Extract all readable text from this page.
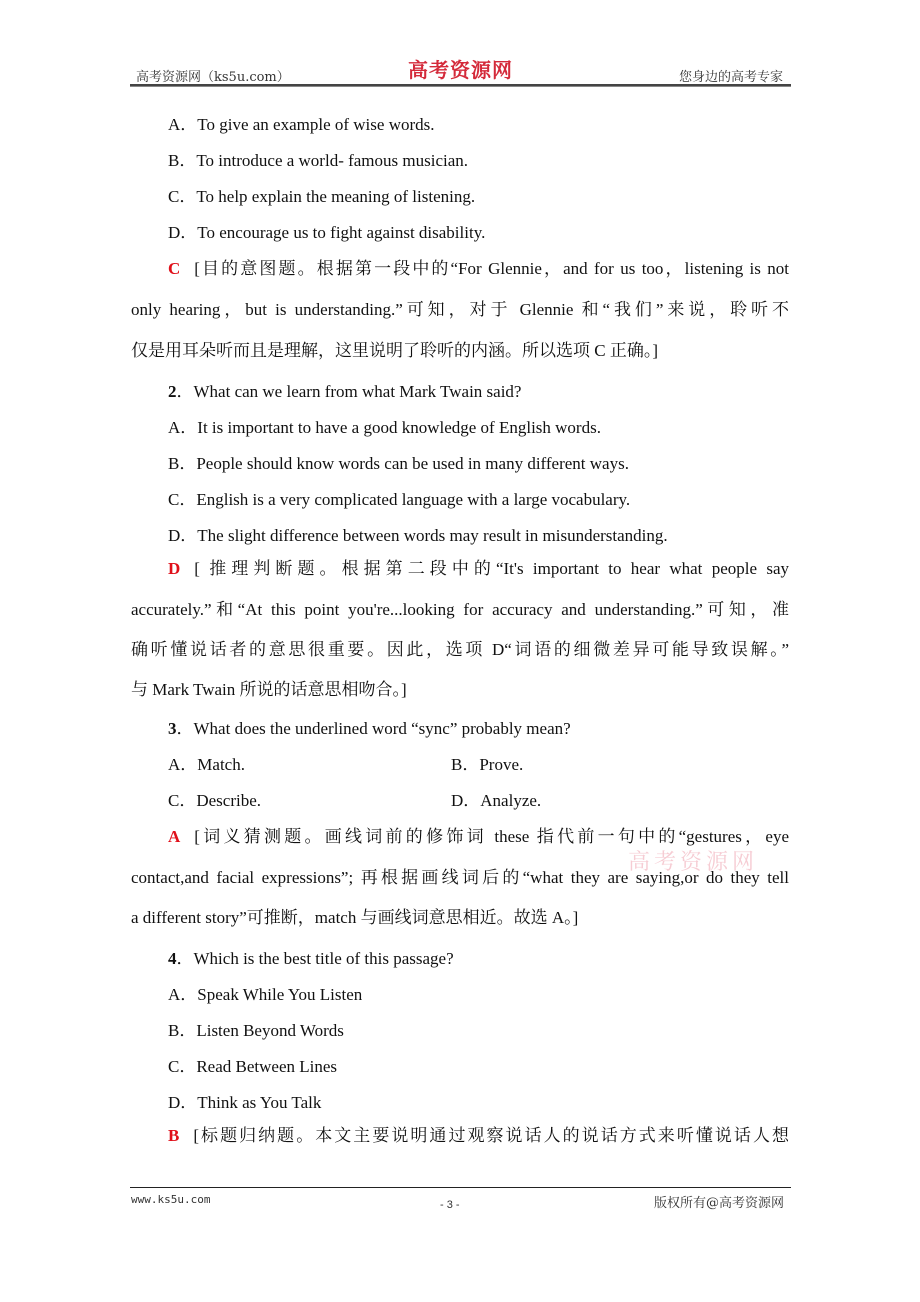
高考资源网（ks5u.com）	高考资源网	您身边的高考专家
A．To give an example of wise words.
B．To introduce a world- famous musician.
C．To help explain the meaning of listening.
D．To encourage us to fight against disability.
C [目的意图题。根据第一段中的“For Glennie，and for us too，listening is not
only hearing，but is understanding.”可知，对于 Glennie 和“我们”来说，聆听不
仅是用耳朵听而且是理解，这里说明了聆听的内涵。所以选项 C 正确。]
2．What can we learn from what Mark Twain said?
A．It is important to have a good knowledge of English words.
B．People should know words can be used in many different ways.
C．English is a very complicated language with a large vocabulary.
D．The slight difference between words may result in misunderstanding.
D [ 推理判断题。根据第二段中的“It's important to hear what people say
accurately.”和“At this point you're...looking for accuracy and understanding.”可知，准
确听懂说话者的意思很重要。因此，选项 D“词语的细微差异可能导致误解。”
与 Mark Twain 所说的话意思相吻合。]
3．What does the underlined word “sync” probably mean?
A．Match.	B．Prove.
C．Describe.	D．Analyze.
A [词义猜测题。画线词前的修饰词 these 指代前一句中的“gestures，eye
contact,and facial expressions”; 再根据画线词后的“what they are saying,or do they tell
a different story”可推断，match 与画线词意思相近。故选 A。]
高考资源网
4．Which is the best title of this passage?
A．Speak While You Listen
B．Listen Beyond Words
C．Read Between Lines
D．Think as You Talk
B [标题归纳题。本文主要说明通过观察说话人的说话方式来听懂说话人想
www.ks5u.com	- 3 -	版权所有@高考资源网
